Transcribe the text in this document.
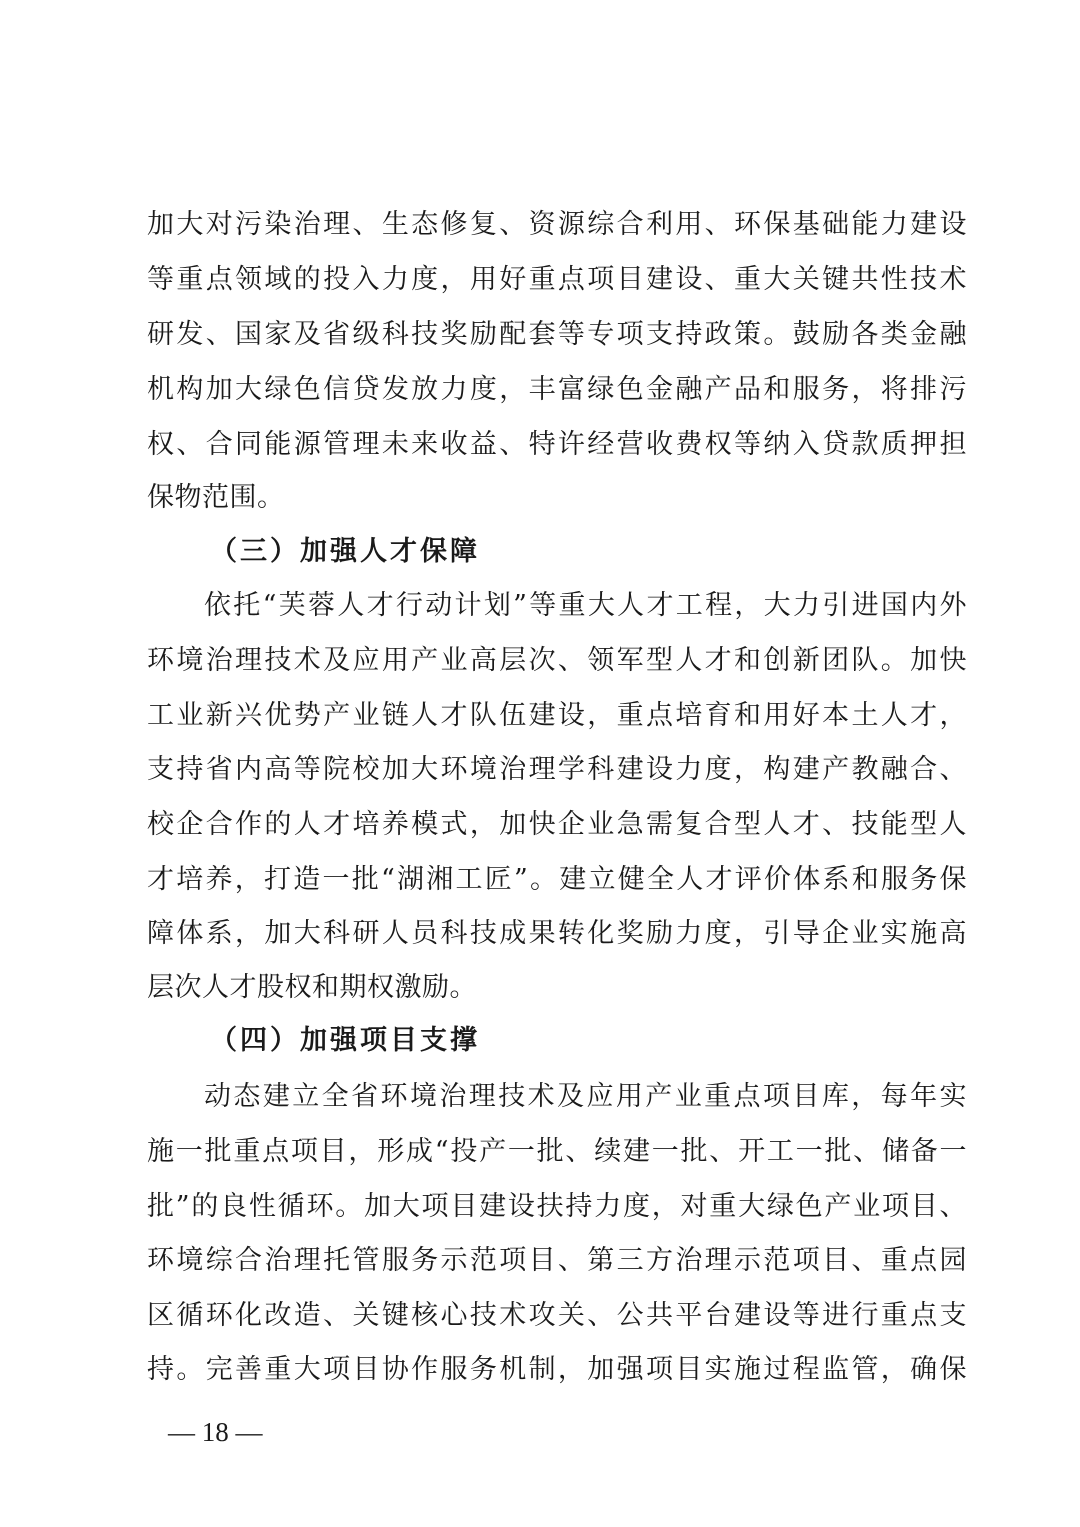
加大对污染治理、生态修复、资源综合利用、环保基础能力建设
等重点领域的投入力度，用好重点项目建设、重大关键共性技术
研发、国家及省级科技奖励配套等专项支持政策。鼓励各类金融
机构加大绿色信贷发放力度，丰富绿色金融产品和服务，将排污
权、合同能源管理未来收益、特许经营收费权等纳入贷款质押担
保物范围。
（三）加强人才保障
依托“芙蓉人才行动计划”等重大人才工程，大力引进国内外
环境治理技术及应用产业高层次、领军型人才和创新团队。加快
工业新兴优势产业链人才队伍建设，重点培育和用好本土人才，
支持省内高等院校加大环境治理学科建设力度，构建产教融合、
校企合作的人才培养模式，加快企业急需复合型人才、技能型人
才培养，打造一批“湖湘工匠”。建立健全人才评价体系和服务保
障体系，加大科研人员科技成果转化奖励力度，引导企业实施高
层次人才股权和期权激励。
（四）加强项目支撑
动态建立全省环境治理技术及应用产业重点项目库，每年实
施一批重点项目，形成“投产一批、续建一批、开工一批、储备一
批”的良性循环。加大项目建设扶持力度，对重大绿色产业项目、
环境综合治理托管服务示范项目、第三方治理示范项目、重点园
区循环化改造、关键核心技术攻关、公共平台建设等进行重点支
持。完善重大项目协作服务机制，加强项目实施过程监管，确保
— 18 —
